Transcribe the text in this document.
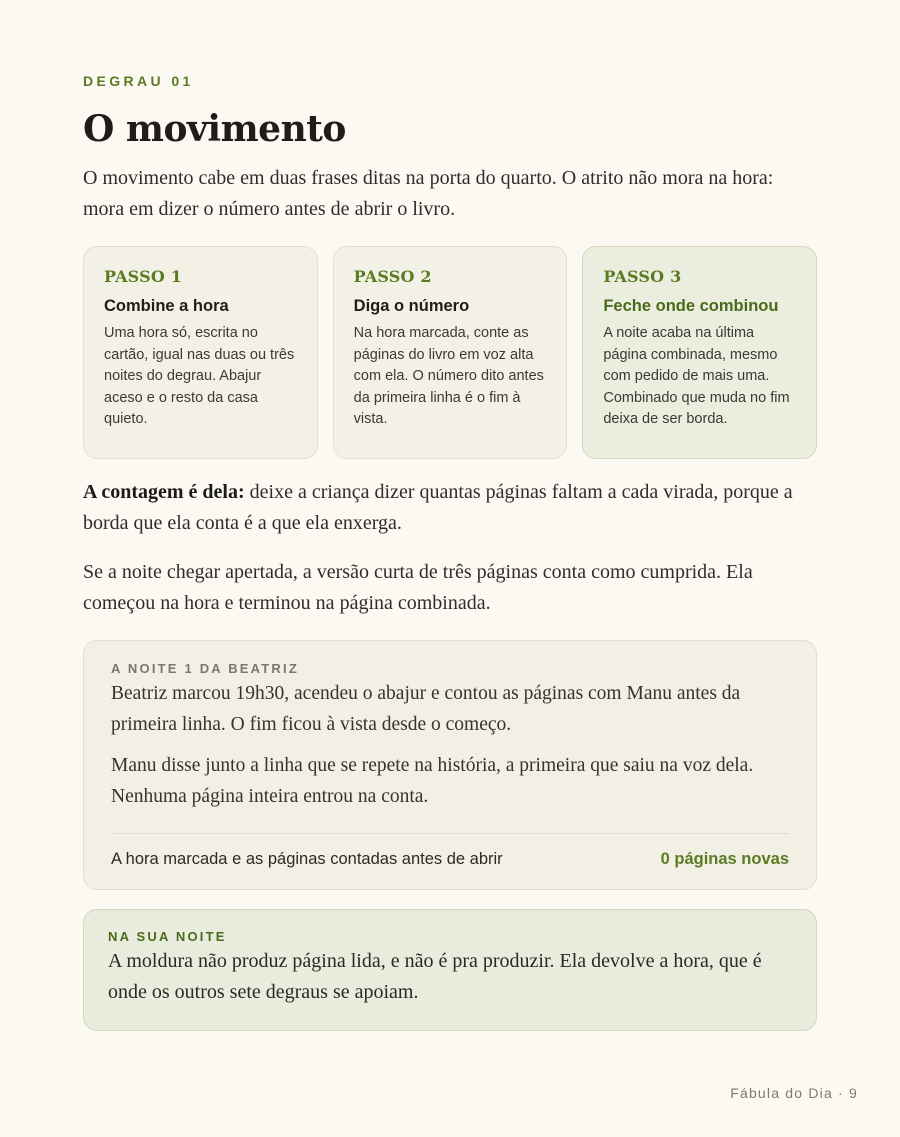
DEGRAU 01
O movimento

O movimento cabe em duas frases ditas na porta do quarto. O atrito não mora na hora: mora em dizer o número antes de abrir o livro.

PASSO 1
Combine a hora
Uma hora só, escrita no cartão, igual nas duas ou três noites do degrau. Abajur aceso e o resto da casa quieto.
PASSO 2
Diga o número
Na hora marcada, conte as páginas do livro em voz alta com ela. O número dito antes da primeira linha é o fim à vista.
PASSO 3
Feche onde combinou
A noite acaba na última página combinada, mesmo com pedido de mais uma. Combinado que muda no fim deixa de ser borda.

A contagem é dela: deixe a criança dizer quantas páginas faltam a cada virada, porque a borda que ela conta é a que ela enxerga.

Se a noite chegar apertada, a versão curta de três páginas conta como cumprida. Ela começou na hora e terminou na página combinada.

A NOITE 1 DA BEATRIZ

Beatriz marcou 19h30, acendeu o abajur e contou as páginas com Manu antes da primeira linha. O fim ficou à vista desde o começo.

Manu disse junto a linha que se repete na história, a primeira que saiu na voz dela. Nenhuma página inteira entrou na conta.

A hora marcada e as páginas contadas antes de abrir	0 páginas novas
NA SUA NOITE

A moldura não produz página lida, e não é pra produzir. Ela devolve a hora, que é onde os outros sete degraus se apoiam.

Fábula do Dia · 9
